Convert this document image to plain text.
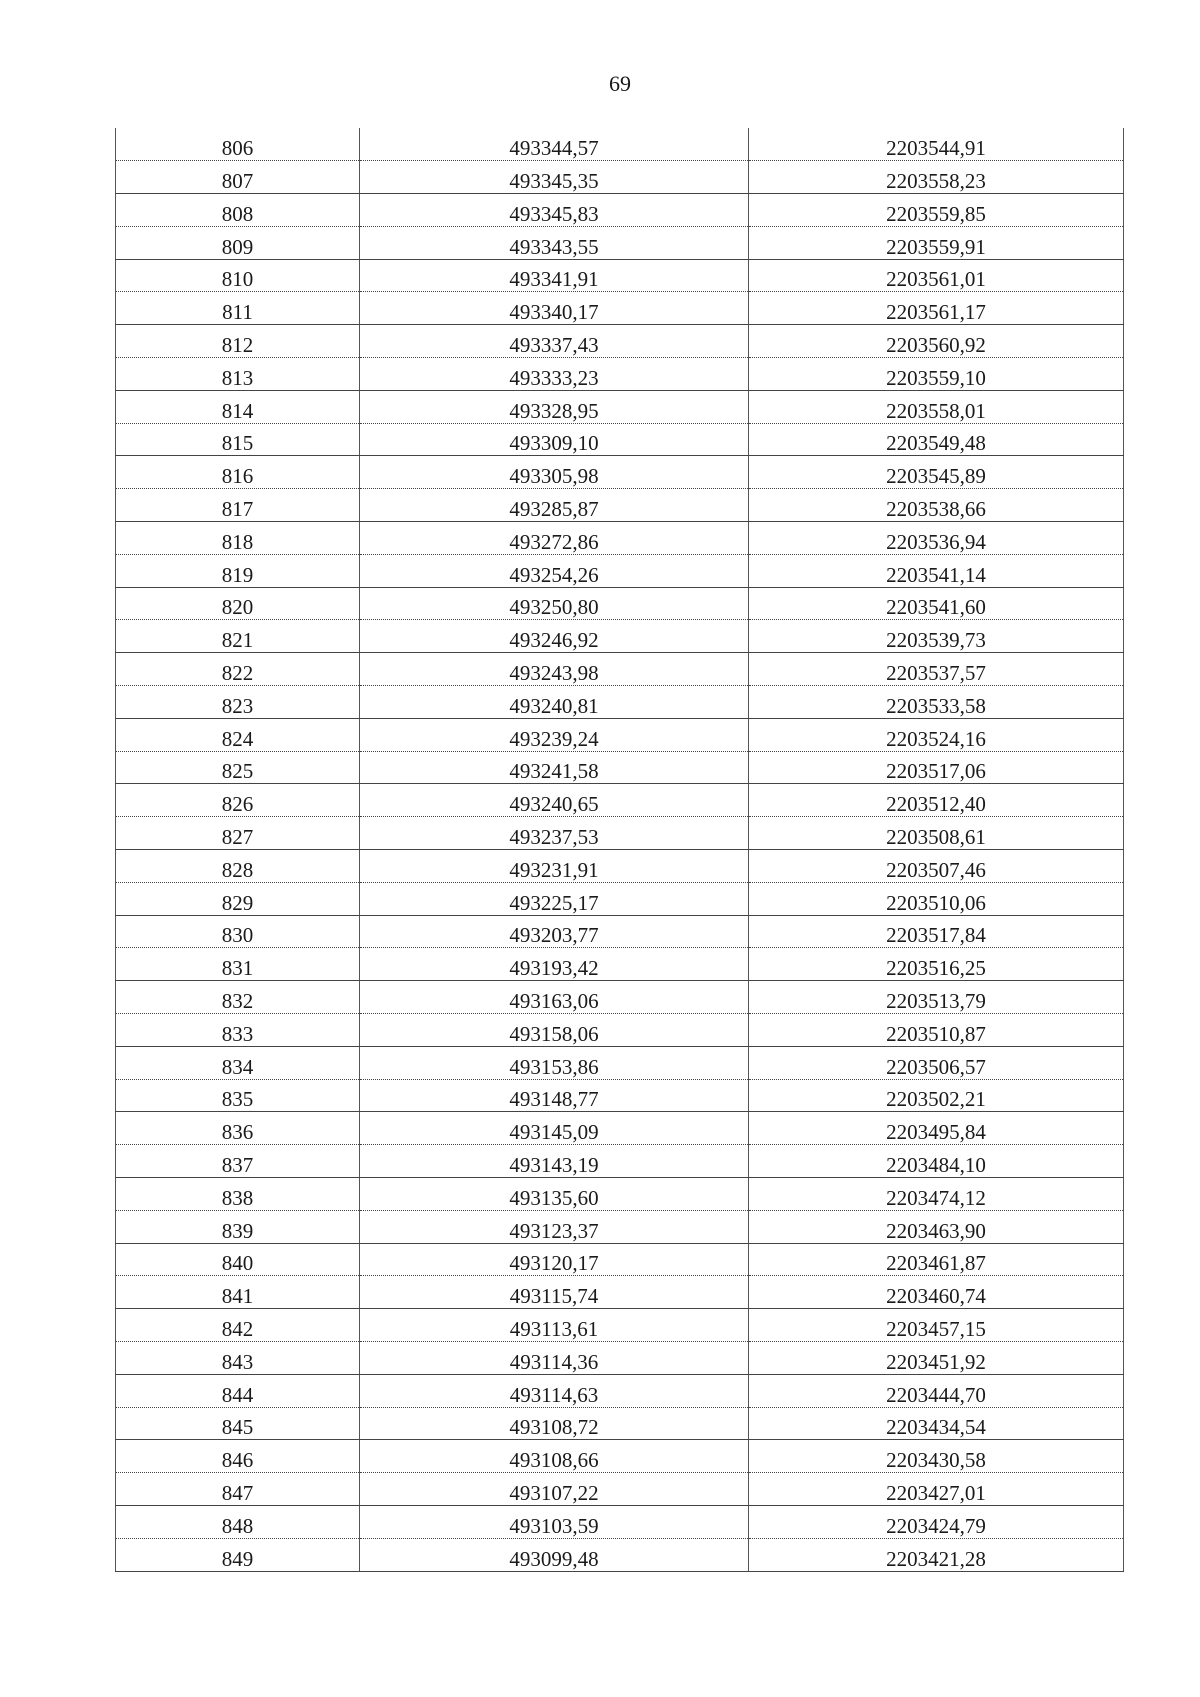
69
806	493344,57	2203544,91
807	493345,35	2203558,23
808	493345,83	2203559,85
809	493343,55	2203559,91
810	493341,91	2203561,01
811	493340,17	2203561,17
812	493337,43	2203560,92
813	493333,23	2203559,10
814	493328,95	2203558,01
815	493309,10	2203549,48
816	493305,98	2203545,89
817	493285,87	2203538,66
818	493272,86	2203536,94
819	493254,26	2203541,14
820	493250,80	2203541,60
821	493246,92	2203539,73
822	493243,98	2203537,57
823	493240,81	2203533,58
824	493239,24	2203524,16
825	493241,58	2203517,06
826	493240,65	2203512,40
827	493237,53	2203508,61
828	493231,91	2203507,46
829	493225,17	2203510,06
830	493203,77	2203517,84
831	493193,42	2203516,25
832	493163,06	2203513,79
833	493158,06	2203510,87
834	493153,86	2203506,57
835	493148,77	2203502,21
836	493145,09	2203495,84
837	493143,19	2203484,10
838	493135,60	2203474,12
839	493123,37	2203463,90
840	493120,17	2203461,87
841	493115,74	2203460,74
842	493113,61	2203457,15
843	493114,36	2203451,92
844	493114,63	2203444,70
845	493108,72	2203434,54
846	493108,66	2203430,58
847	493107,22	2203427,01
848	493103,59	2203424,79
849	493099,48	2203421,28
